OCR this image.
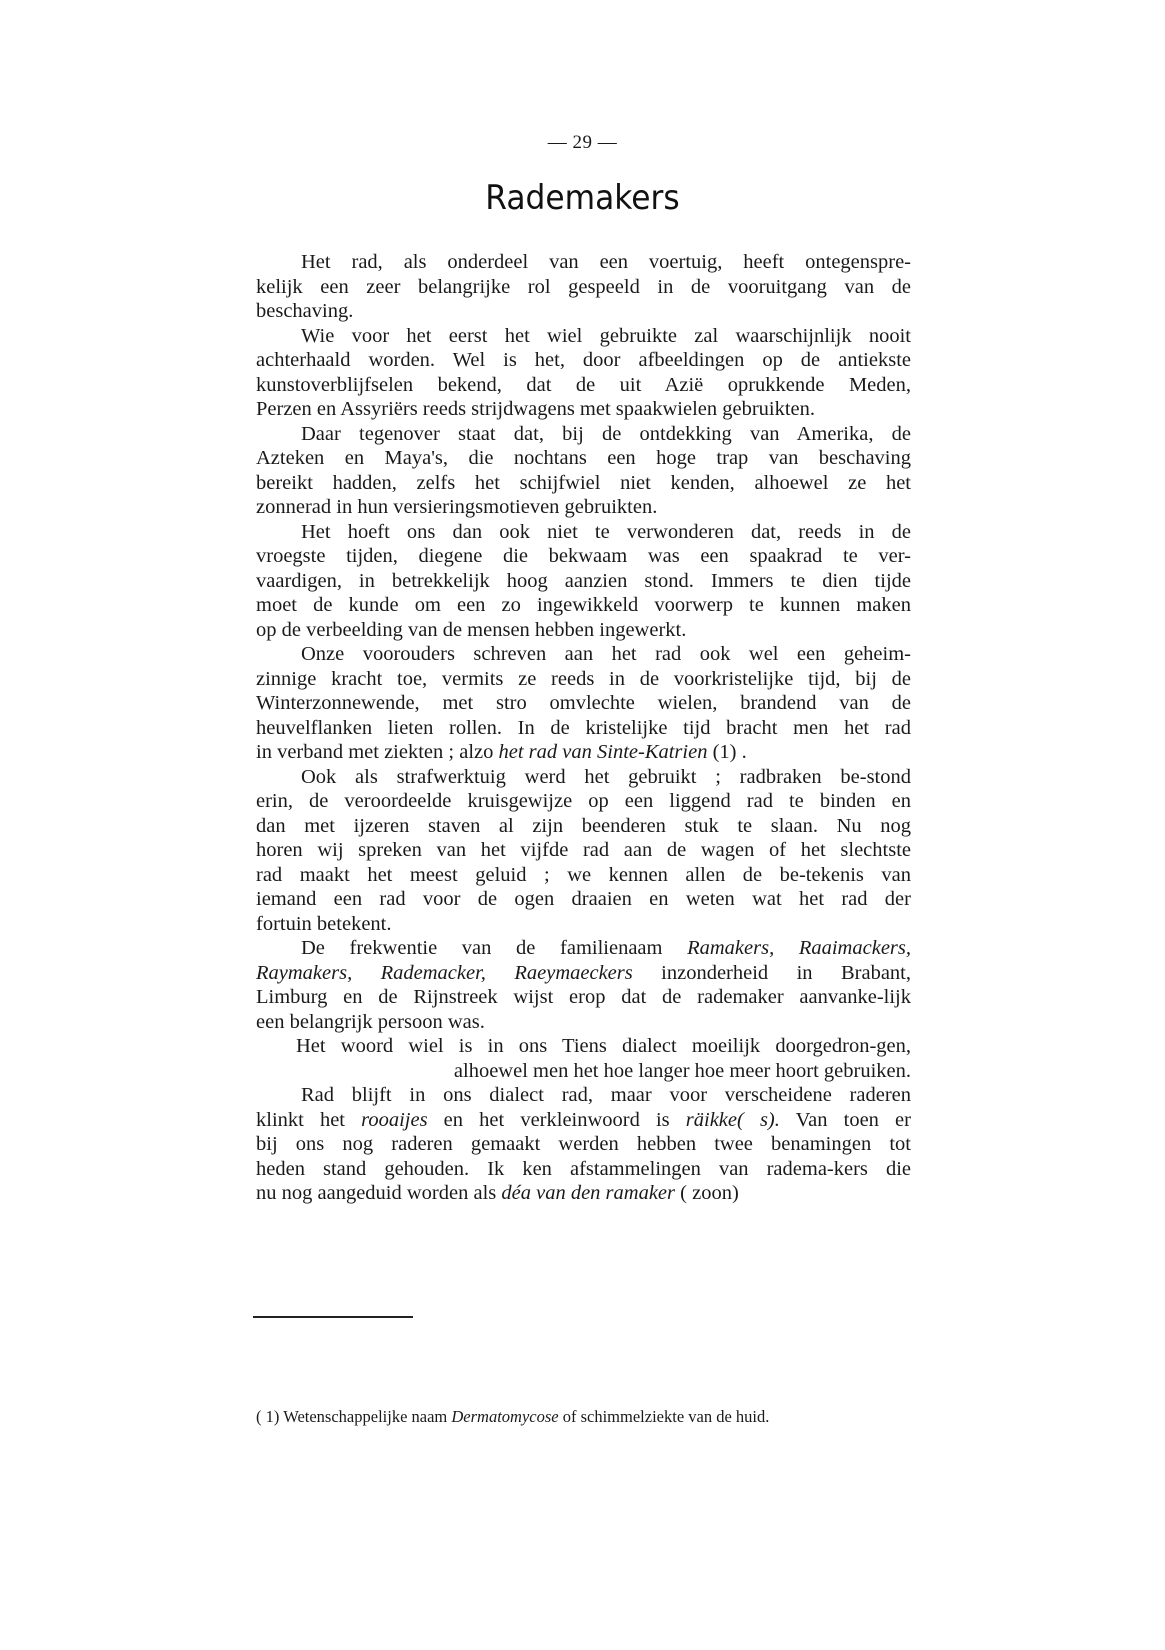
— 29 —
Rademakers
Het rad, als onderdeel van een voertuig, heeft ontegenspre-
kelijk een zeer belangrijke rol gespeeld in de vooruitgang van de
beschaving.
Wie voor het eerst het wiel gebruikte zal waarschijnlijk nooit
achterhaald worden. Wel is het, door afbeeldingen op de antiekste
kunstoverblijfselen bekend, dat de uit Azië oprukkende Meden,
Perzen en Assyriërs reeds strijdwagens met spaakwielen gebruikten.
Daar tegenover staat dat, bij de ontdekking van Amerika, de
Azteken en Maya's, die nochtans een hoge trap van beschaving
bereikt hadden, zelfs het schijfwiel niet kenden, alhoewel ze het
zonnerad in hun versieringsmotieven gebruikten.
Het hoeft ons dan ook niet te verwonderen dat, reeds in de
vroegste tijden, diegene die bekwaam was een spaakrad te ver-
vaardigen, in betrekkelijk hoog aanzien stond. Immers te dien tijde
moet de kunde om een zo ingewikkeld voorwerp te kunnen maken
op de verbeelding van de mensen hebben ingewerkt.
Onze voorouders schreven aan het rad ook wel een geheim-
zinnige kracht toe, vermits ze reeds in de voorkristelijke tijd, bij de
Winterzonnewende, met stro omvlechte wielen, brandend van de
heuvelflanken lieten rollen. In de kristelijke tijd bracht men het rad
in verband met ziekten ; alzo het rad van Sinte-Katrien (1) .
Ook als strafwerktuig werd het gebruikt ; radbraken be-stond
erin, de veroordeelde kruisgewijze op een liggend rad te binden en
dan met ijzeren staven al zijn beenderen stuk te slaan. Nu nog
horen wij spreken van het vijfde rad aan de wagen of het slechtste
rad maakt het meest geluid ; we kennen allen de be-tekenis van
iemand een rad voor de ogen draaien en weten wat het rad der
fortuin betekent.
De frekwentie van de familienaam Ramakers, Raaimackers,
Raymakers, Rademacker, Raeymaeckers inzonderheid in Brabant,
Limburg en de Rijnstreek wijst erop dat de rademaker aanvanke-lijk
een belangrijk persoon was.
Het woord wiel is in ons Tiens dialect moeilijk doorgedron-gen,
alhoewel men het hoe langer hoe meer hoort gebruiken.
Rad blijft in ons dialect rad, maar voor verscheidene raderen
klinkt het rooaijes en het verkleinwoord is räikke( s). Van toen er
bij ons nog raderen gemaakt werden hebben twee benamingen tot
heden stand gehouden. Ik ken afstammelingen van radema-kers die
nu nog aangeduid worden als déa van den ramaker ( zoon)
( 1) Wetenschappelijke naam Dermatomycose of schimmelziekte van de huid.
